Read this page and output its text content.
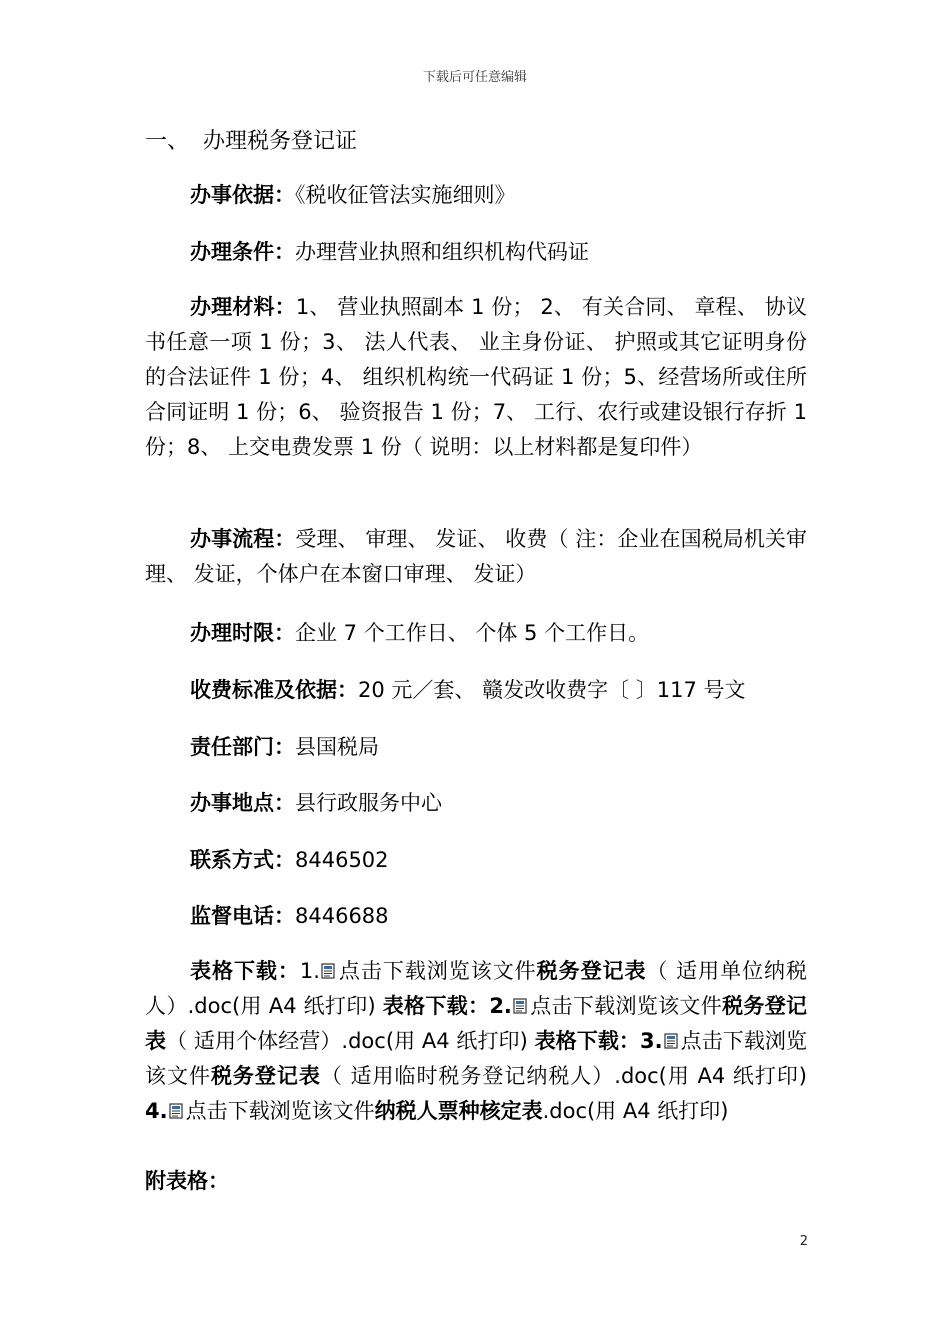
下载后可任意编辑
一、 办理税务登记证
办事依据：《税收征管法实施细则》
办理条件：办理营业执照和组织机构代码证
办理材料：1、 营业执照副本 1 份； 2、 有关合同、 章程、 协议书任意一项 1 份；3、 法人代表、 业主身份证、 护照或其它证明身份的合法证件 1 份；4、 组织机构统一代码证 1 份；5、经营场所或住所合同证明 1 份；6、 验资报告 1 份；7、 工行、农行或建设银行存折 1 份；8、 上交电费发票 1 份（ 说明：以上材料都是复印件）
办事流程：受理、 审理、 发证、 收费（ 注：企业在国税局机关审理、 发证，个体户在本窗口审理、 发证）
办理时限：企业 7 个工作日、 个体 5 个工作日。
收费标准及依据：20 元／套、 赣发改收费字〔 〕117 号文
责任部门：县国税局
办事地点：县行政服务中心
联系方式：8446502
监督电话：8446688
表格下载：1. 点击下载浏览该文件税务登记表（ 适用单位纳税人）.doc(用 A4 纸打印) 表格下载：2. 点击下载浏览该文件税务登记表（ 适用个体经营）.doc(用 A4 纸打印) 表格下载：3. 点击下载浏览该文件税务登记表（ 适用临时税务登记纳税人）.doc(用 A4 纸打印) 4. 点击下载浏览该文件纳税人票种核定表.doc(用 A4 纸打印)
附表格：
2
